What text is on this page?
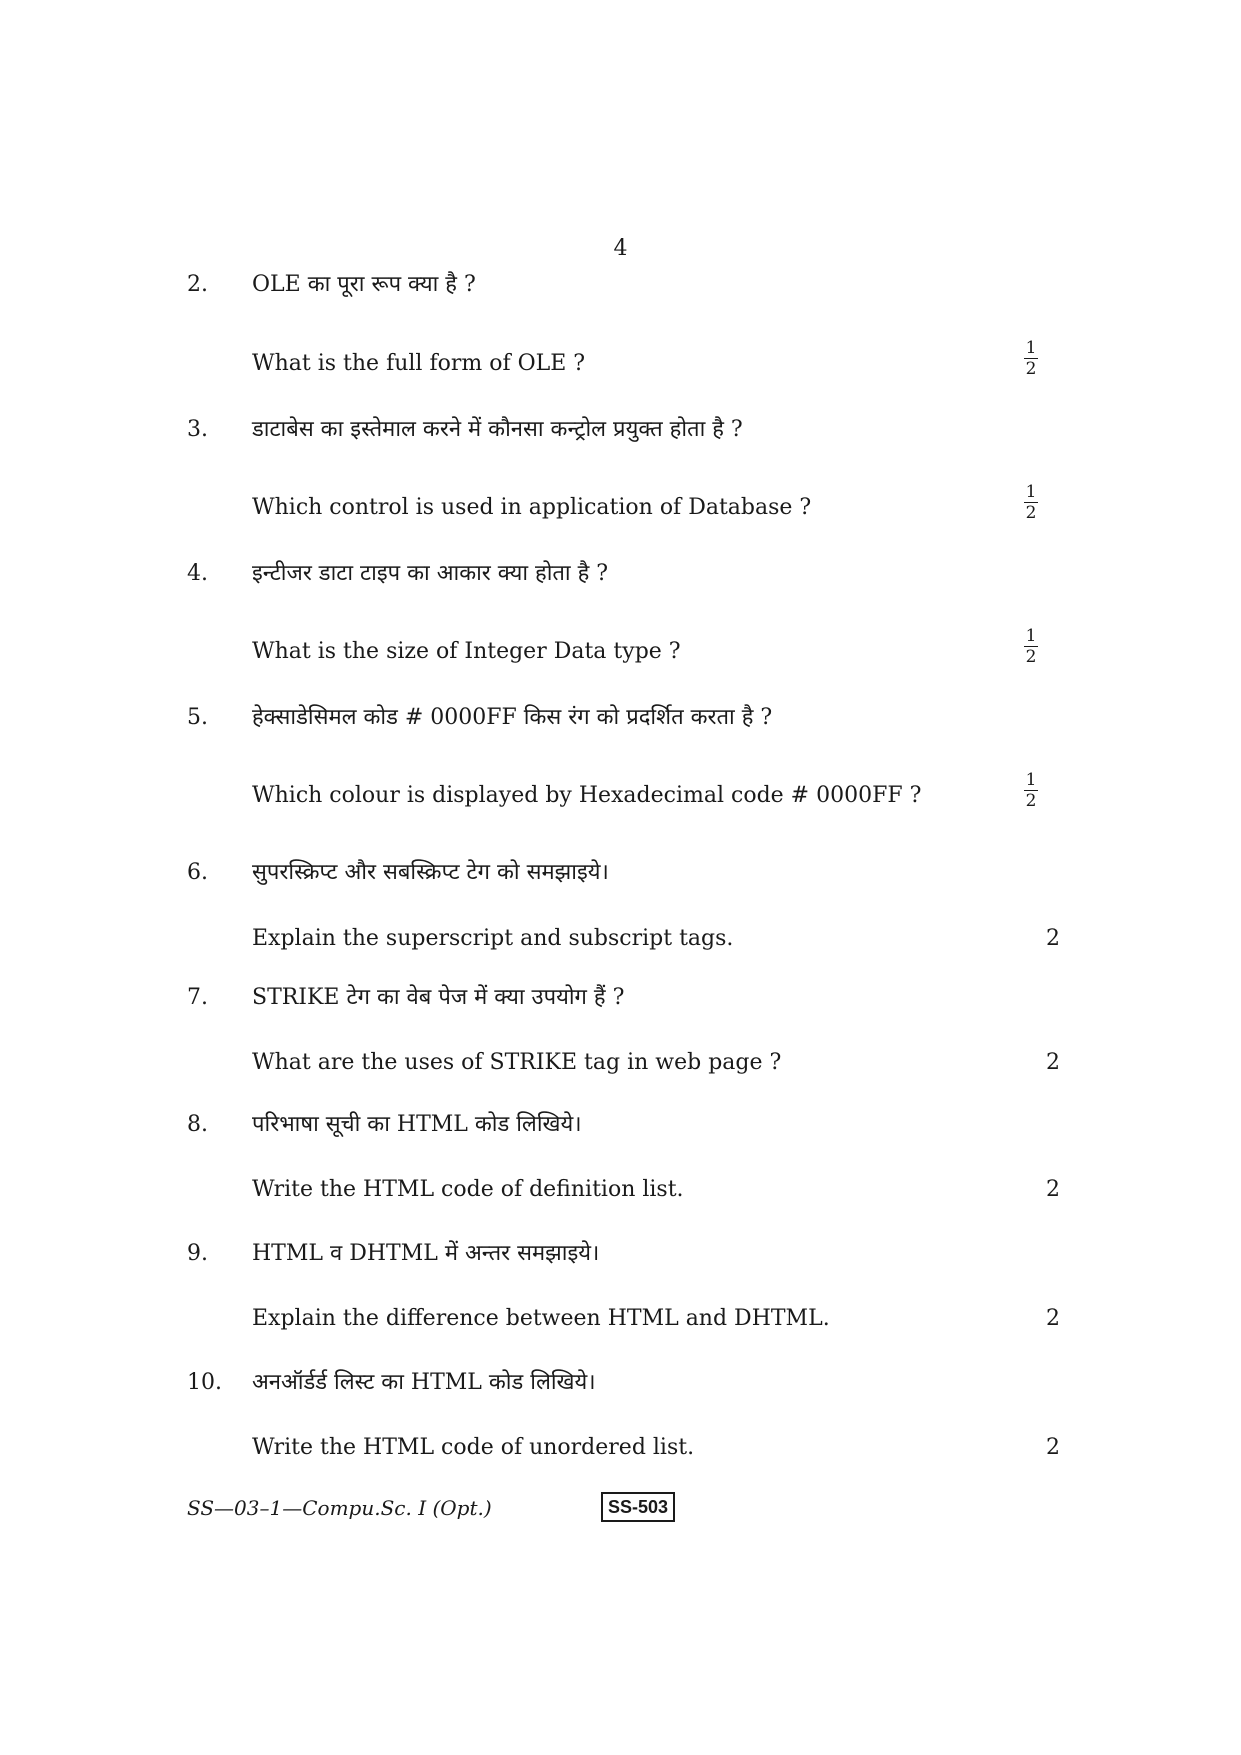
4
2. OLE का पूरा रूप क्या है ?
What is the full form of OLE ?	$\frac{1}{2}$
3. डाटाबेस का इस्तेमाल करने में कौनसा कन्ट्रोल प्रयुक्त होता है ?
Which control is used in application of Database ?	$\frac{1}{2}$
4. इन्टीजर डाटा टाइप का आकार क्या होता है ?
What is the size of Integer Data type ?	$\frac{1}{2}$
5. हेक्साडेसिमल कोड # 0000FF किस रंग को प्रदर्शित करता है ?
Which colour is displayed by Hexadecimal code # 0000FF ?	$\frac{1}{2}$
6. सुपरस्क्रिप्ट और सबस्क्रिप्ट टेग को समझाइये।
Explain the superscript and subscript tags.	2
7. STRIKE टेग का वेब पेज में क्या उपयोग हैं ?
What are the uses of STRIKE tag in web page ?	2
8. परिभाषा सूची का HTML कोड लिखिये।
Write the HTML code of definition list.	2
9. HTML व DHTML में अन्तर समझाइये।
Explain the difference between HTML and DHTML.	2
10. अनऑर्डर्ड लिस्ट का HTML कोड लिखिये।
Write the HTML code of unordered list.	2
SS—03–1—Compu.Sc. I (Opt.)	SS-503
